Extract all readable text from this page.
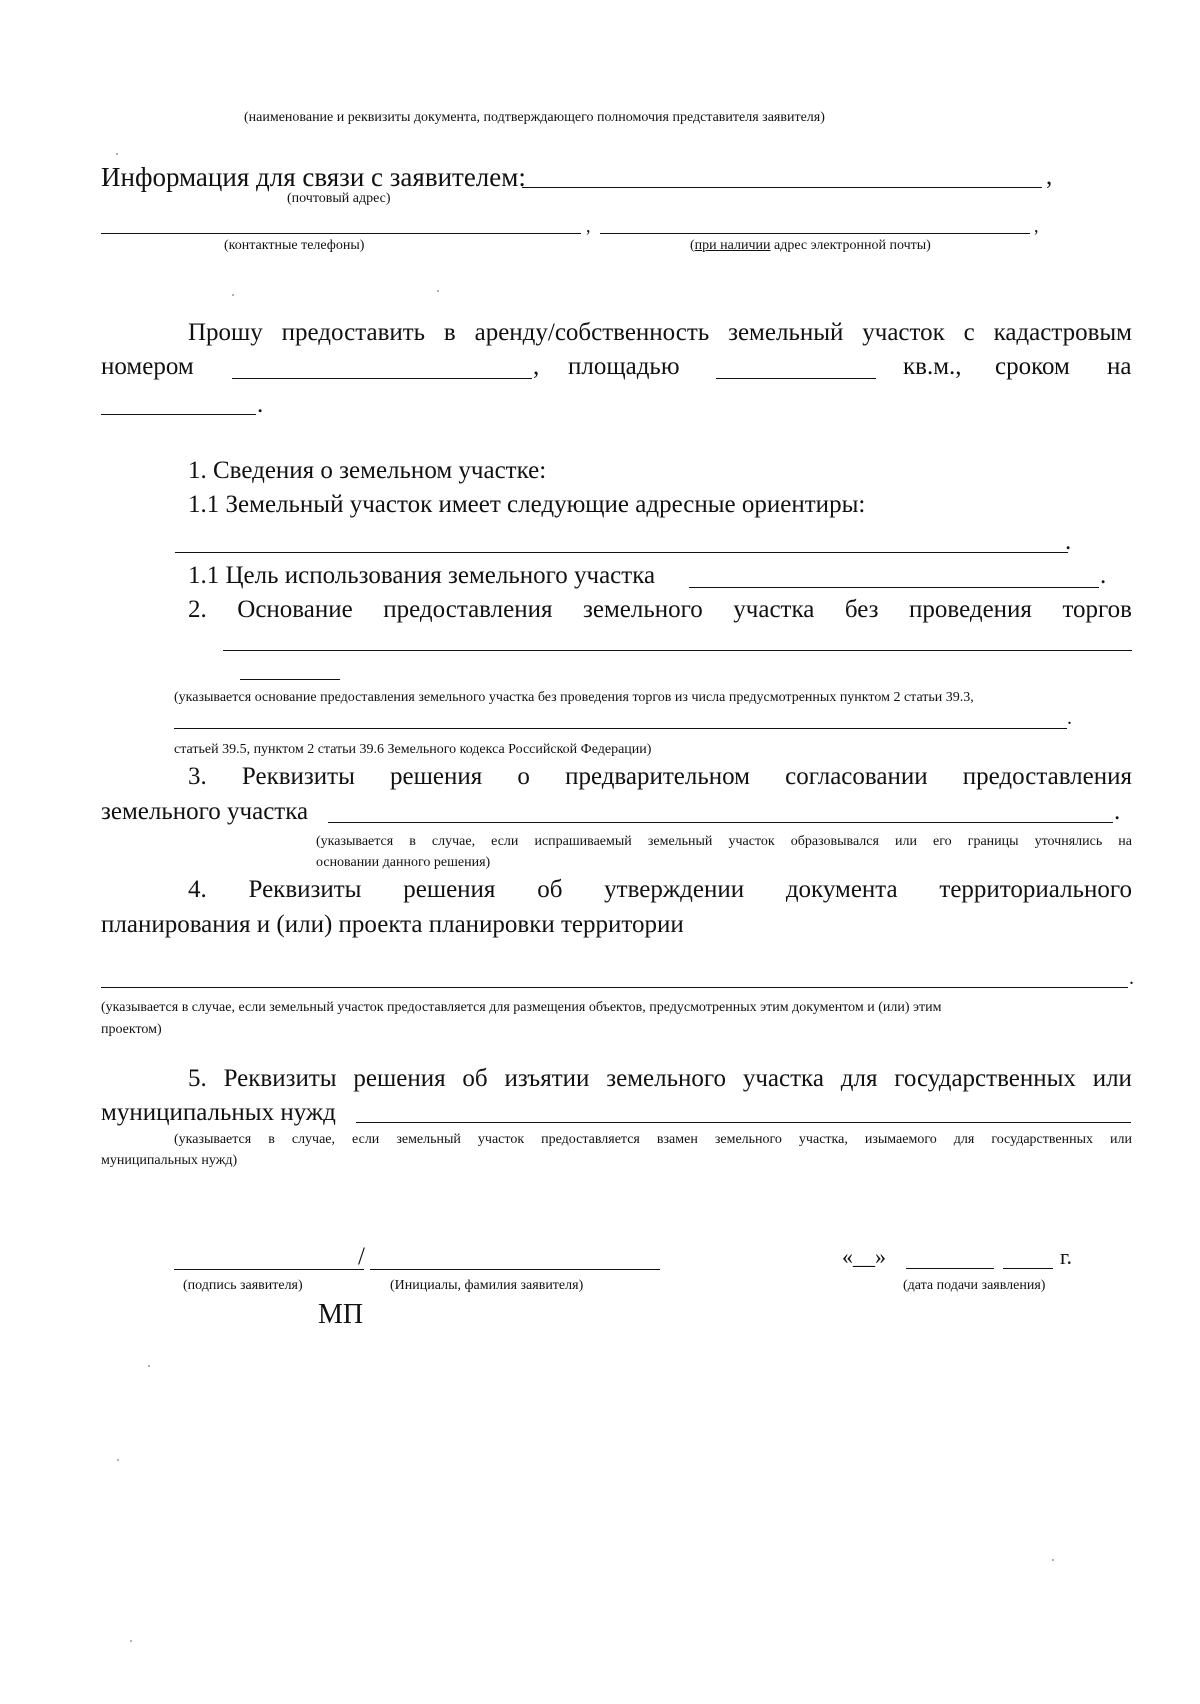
(наименование и реквизиты документа, подтверждающего полномочия представителя заявителя)
Информация для связи с заявителем:	,
(почтовый адрес)
,	,
(контактные телефоны)	(при наличии адрес электронной почты)
Прошу предоставить в аренду/собственность земельный участок с кадастровым
номером	, площадью	кв.м., сроком на
.
1. Сведения о земельном участке:
1.1 Земельный участок имеет следующие адресные ориентиры:
.
1.1 Цель использования земельного участка	.
2. Основание предоставления земельного участка без проведения торгов
(указывается основание предоставления земельного участка без проведения торгов из числа предусмотренных пунктом 2 статьи 39.3,
.
статьей 39.5, пунктом 2 статьи 39.6 Земельного кодекса Российской Федерации)
3. Реквизиты решения о предварительном согласовании предоставления
земельного участка	.
(указывается в случае, если испрашиваемый земельный участок образовывался или его границы уточнялись на
основании данного решения)
4. Реквизиты решения об утверждении документа территориального
планирования и (или) проекта планировки территории
.
(указывается в случае, если земельный участок предоставляется для размещения объектов, предусмотренных этим документом и (или) этим
проектом)
5. Реквизиты решения об изъятии земельного участка для государственных или
муниципальных нужд
(указывается в случае, если земельный участок предоставляется взамен земельного участка, изымаемого для государственных или
муниципальных нужд)
/
(подпись заявителя)	(Инициалы, фамилия заявителя)
«__»	г.
(дата подачи заявления)
МП
